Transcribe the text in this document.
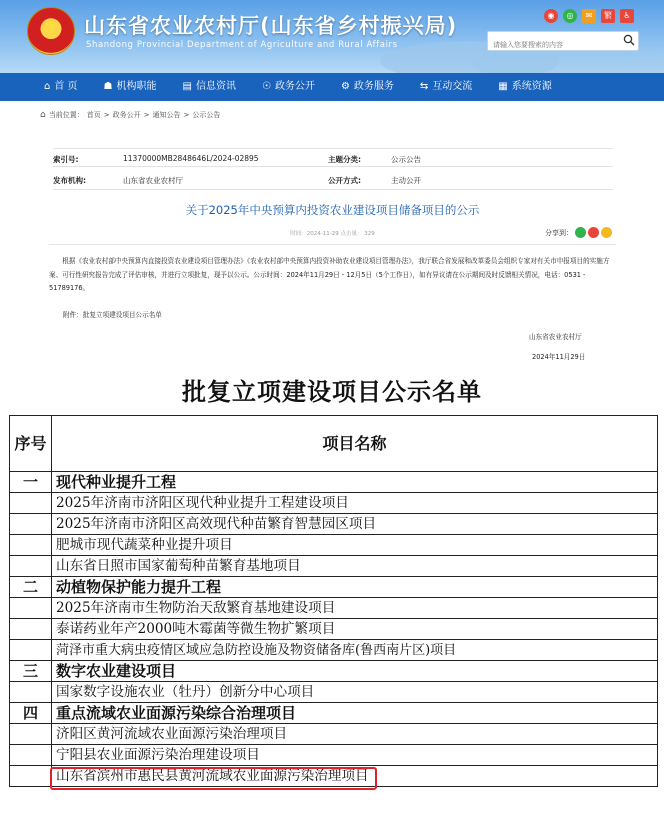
★	山东省农业农村厅(山东省乡村振兴局)
Shandong Provincial Department of Agriculture and Rural Affairs
◉	◎	✉	繁	♿
请输入您要搜索的内容
⌂ 首 页	☗ 机构职能	▤ 信息资讯	☉ 政务公开	⚙ 政务服务	⇆ 互动交流	▦ 系统资源
⌂ 当前位置： 首页 > 政务公开 > 通知公告 > 公示公告
索引号:	11370000MB2848646L/2024-02895	主题分类:	公示公告
发布机构:	山东省农业农村厅	公开方式:	主动公开
关于2025年中央预算内投资农业建设项目储备项目的公示
时间：2024-11-29 点击量： 329	分享到：
根据《农业农村部中央预算内直接投资农业建设项目管理办法》《农业农村部中央预算内投资补助农业建设项目管理办法》，我厅联合省发展和改革委员会组织专家对有关市申报项目的实施方案、可行性研究报告完成了评估审核，并进行立项批复，现予以公示。公示时间：2024年11月29日 - 12月5日（5个工作日），如有异议请在公示期间及时反馈相关情况，电话：0531 - 51789176。
附件：批复立项建设项目公示名单
山东省农业农村厅
2024年11月29日
批复立项建设项目公示名单
序号	项目名称
一	现代种业提升工程
	2025年济南市济阳区现代种业提升工程建设项目
	2025年济南市济阳区高效现代种苗繁育智慧园区项目
	肥城市现代蔬菜种业提升项目
	山东省日照市国家葡萄种苗繁育基地项目
二	动植物保护能力提升工程
	2025年济南市生物防治天敌繁育基地建设项目
	泰诺药业年产2000吨木霉菌等微生物扩繁项目
	菏泽市重大病虫疫情区域应急防控设施及物资储备库(鲁西南片区)项目
三	数字农业建设项目
	国家数字设施农业（牡丹）创新分中心项目
四	重点流域农业面源污染综合治理项目
	济阳区黄河流域农业面源污染治理项目
	宁阳县农业面源污染治理建设项目
	山东省滨州市惠民县黄河流域农业面源污染治理项目
